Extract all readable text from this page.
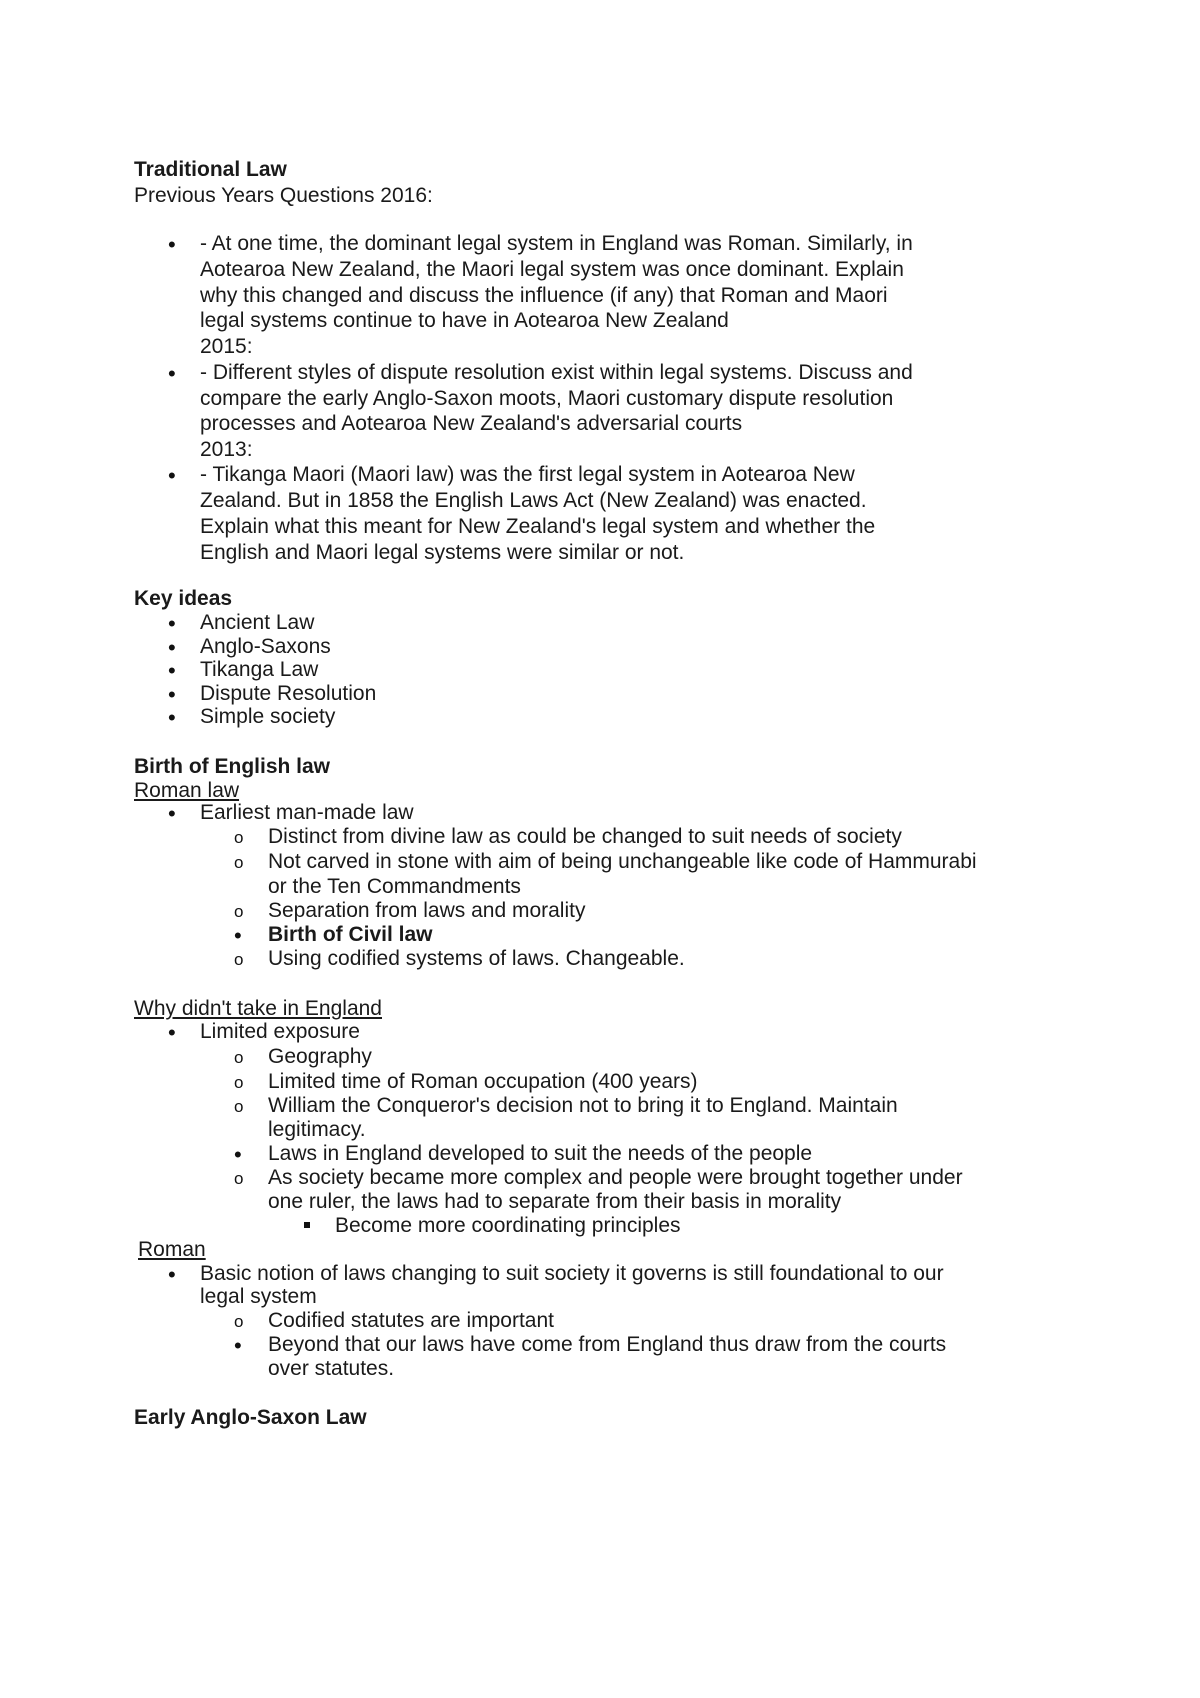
Traditional Law
Previous Years Questions 2016:
• - At one time, the dominant legal system in England was Roman. Similarly, in
Aotearoa New Zealand, the Maori legal system was once dominant. Explain
why this changed and discuss the influence (if any) that Roman and Maori
legal systems continue to have in Aotearoa New Zealand
2015:
• - Different styles of dispute resolution exist within legal systems. Discuss and
compare the early Anglo-Saxon moots, Maori customary dispute resolution
processes and Aotearoa New Zealand's adversarial courts
2013:
• - Tikanga Maori (Maori law) was the first legal system in Aotearoa New
Zealand. But in 1858 the English Laws Act (New Zealand) was enacted.
Explain what this meant for New Zealand's legal system and whether the
English and Maori legal systems were similar or not.
Key ideas
• Ancient Law
• Anglo-Saxons
• Tikanga Law
• Dispute Resolution
• Simple society
Birth of English law
Roman law
• Earliest man-made law
o Distinct from divine law as could be changed to suit needs of society
o Not carved in stone with aim of being unchangeable like code of Hammurabi
or the Ten Commandments
o Separation from laws and morality
• Birth of Civil law
o Using codified systems of laws. Changeable.
Why didn't take in England
• Limited exposure
o Geography
o Limited time of Roman occupation (400 years)
o William the Conqueror's decision not to bring it to England. Maintain
legitimacy.
• Laws in England developed to suit the needs of the people
o As society became more complex and people were brought together under
one ruler, the laws had to separate from their basis in morality
Become more coordinating principles
Roman
• Basic notion of laws changing to suit society it governs is still foundational to our
legal system
o Codified statutes are important
• Beyond that our laws have come from England thus draw from the courts
over statutes.
Early Anglo-Saxon Law
